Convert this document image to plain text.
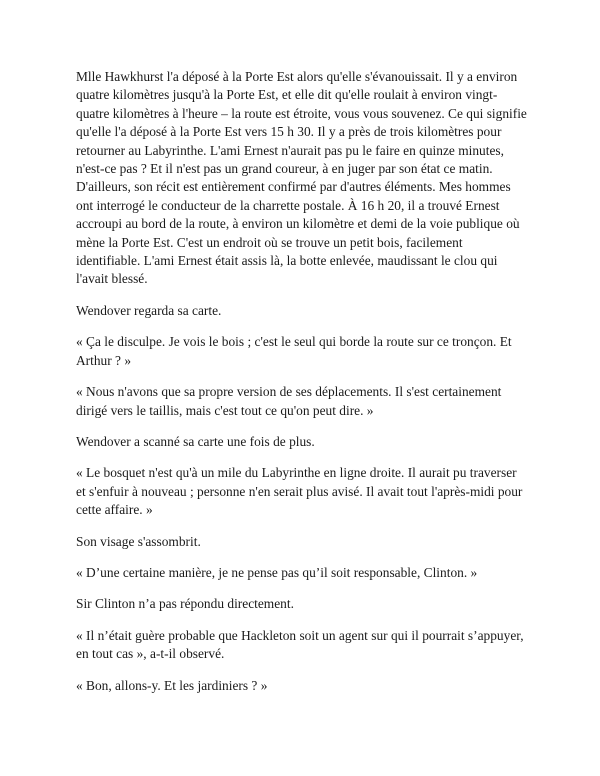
Mlle Hawkhurst l'a déposé à la Porte Est alors qu'elle s'évanouissait. Il y a environ quatre kilomètres jusqu'à la Porte Est, et elle dit qu'elle roulait à environ vingt-quatre kilomètres à l'heure – la route est étroite, vous vous souvenez. Ce qui signifie qu'elle l'a déposé à la Porte Est vers 15 h 30. Il y a près de trois kilomètres pour retourner au Labyrinthe. L'ami Ernest n'aurait pas pu le faire en quinze minutes, n'est-ce pas ? Et il n'est pas un grand coureur, à en juger par son état ce matin. D'ailleurs, son récit est entièrement confirmé par d'autres éléments. Mes hommes ont interrogé le conducteur de la charrette postale. À 16 h 20, il a trouvé Ernest accroupi au bord de la route, à environ un kilomètre et demi de la voie publique où mène la Porte Est. C'est un endroit où se trouve un petit bois, facilement identifiable. L'ami Ernest était assis là, la botte enlevée, maudissant le clou qui l'avait blessé.

Wendover regarda sa carte.

« Ça le disculpe. Je vois le bois ; c'est le seul qui borde la route sur ce tronçon. Et Arthur ? »

« Nous n'avons que sa propre version de ses déplacements. Il s'est certainement dirigé vers le taillis, mais c'est tout ce qu'on peut dire. »

Wendover a scanné sa carte une fois de plus.

« Le bosquet n'est qu'à un mile du Labyrinthe en ligne droite. Il aurait pu traverser et s'enfuir à nouveau ; personne n'en serait plus avisé. Il avait tout l'après-midi pour cette affaire. »

Son visage s'assombrit.

« D’une certaine manière, je ne pense pas qu’il soit responsable, Clinton. »

Sir Clinton n’a pas répondu directement.

« Il n’était guère probable que Hackleton soit un agent sur qui il pourrait s’appuyer, en tout cas », a-t-il observé.

« Bon, allons-y. Et les jardiniers ? »
